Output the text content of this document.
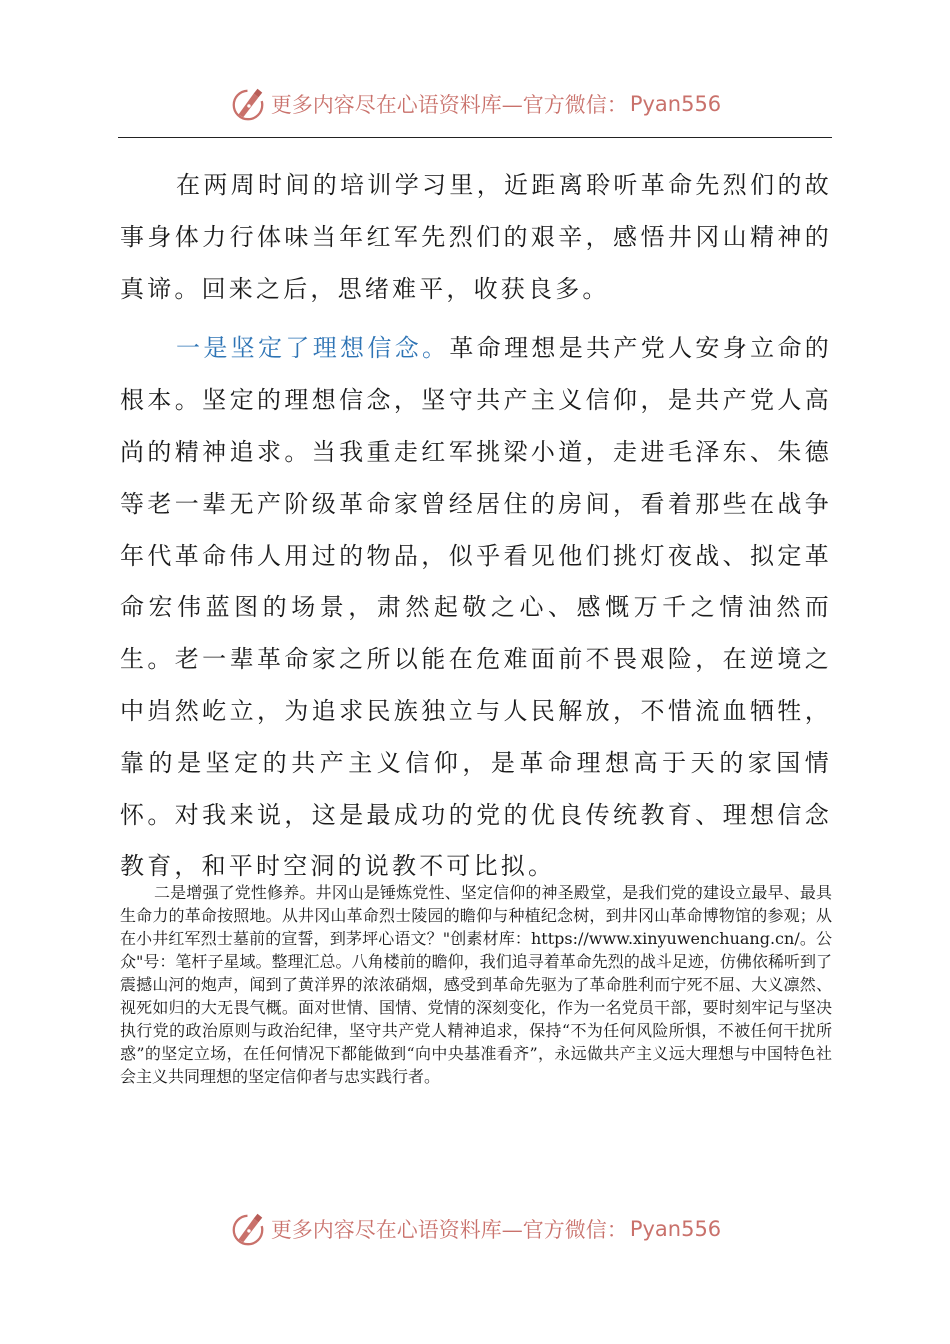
更多内容尽在心语资料库—官方微信： Pyan556

在两周时间的培训学习里，近距离聆听革命先烈们的故事身体力行体味当年红军先烈们的艰辛，感悟井冈山精神的真谛。回来之后，思绪难平，收获良多。

一是坚定了理想信念。革命理想是共产党人安身立命的根本。坚定的理想信念，坚守共产主义信仰，是共产党人高尚的精神追求。当我重走红军挑梁小道，走进毛泽东、朱德等老一辈无产阶级革命家曾经居住的房间，看着那些在战争年代革命伟人用过的物品，似乎看见他们挑灯夜战、拟定革命宏伟蓝图的场景，肃然起敬之心、感慨万千之情油然而生。老一辈革命家之所以能在危难面前不畏艰险，在逆境之中岿然屹立，为追求民族独立与人民解放，不惜流血牺牲，靠的是坚定的共产主义信仰，是革命理想高于天的家国情怀。对我来说，这是最成功的党的优良传统教育、理想信念教育，和平时空洞的说教不可比拟。

二是增强了党性修养。井冈山是锤炼党性、坚定信仰的神圣殿堂，是我们党的建设立最早、最具生命力的革命按照地。从井冈山革命烈士陵园的瞻仰与种植纪念树，到井冈山革命博物馆的参观；从在小井红军烈士墓前的宣誓，到茅坪心语文？"创素材库：https://www.xinyuwenchuang.cn/。公众"号：笔杆子星域。整理汇总。八角楼前的瞻仰，我们追寻着革命先烈的战斗足迹，仿佛依稀听到了震撼山河的炮声，闻到了黄洋界的浓浓硝烟，感受到革命先驱为了革命胜利而宁死不屈、大义凛然、视死如归的大无畏气概。面对世情、国情、党情的深刻变化，作为一名党员干部，要时刻牢记与坚决执行党的政治原则与政治纪律，坚守共产党人精神追求，保持“不为任何风险所惧，不被任何干扰所惑”的坚定立场，在任何情况下都能做到“向中央基准看齐”，永远做共产主义远大理想与中国特色社会主义共同理想的坚定信仰者与忠实践行者。

更多内容尽在心语资料库—官方微信： Pyan556
